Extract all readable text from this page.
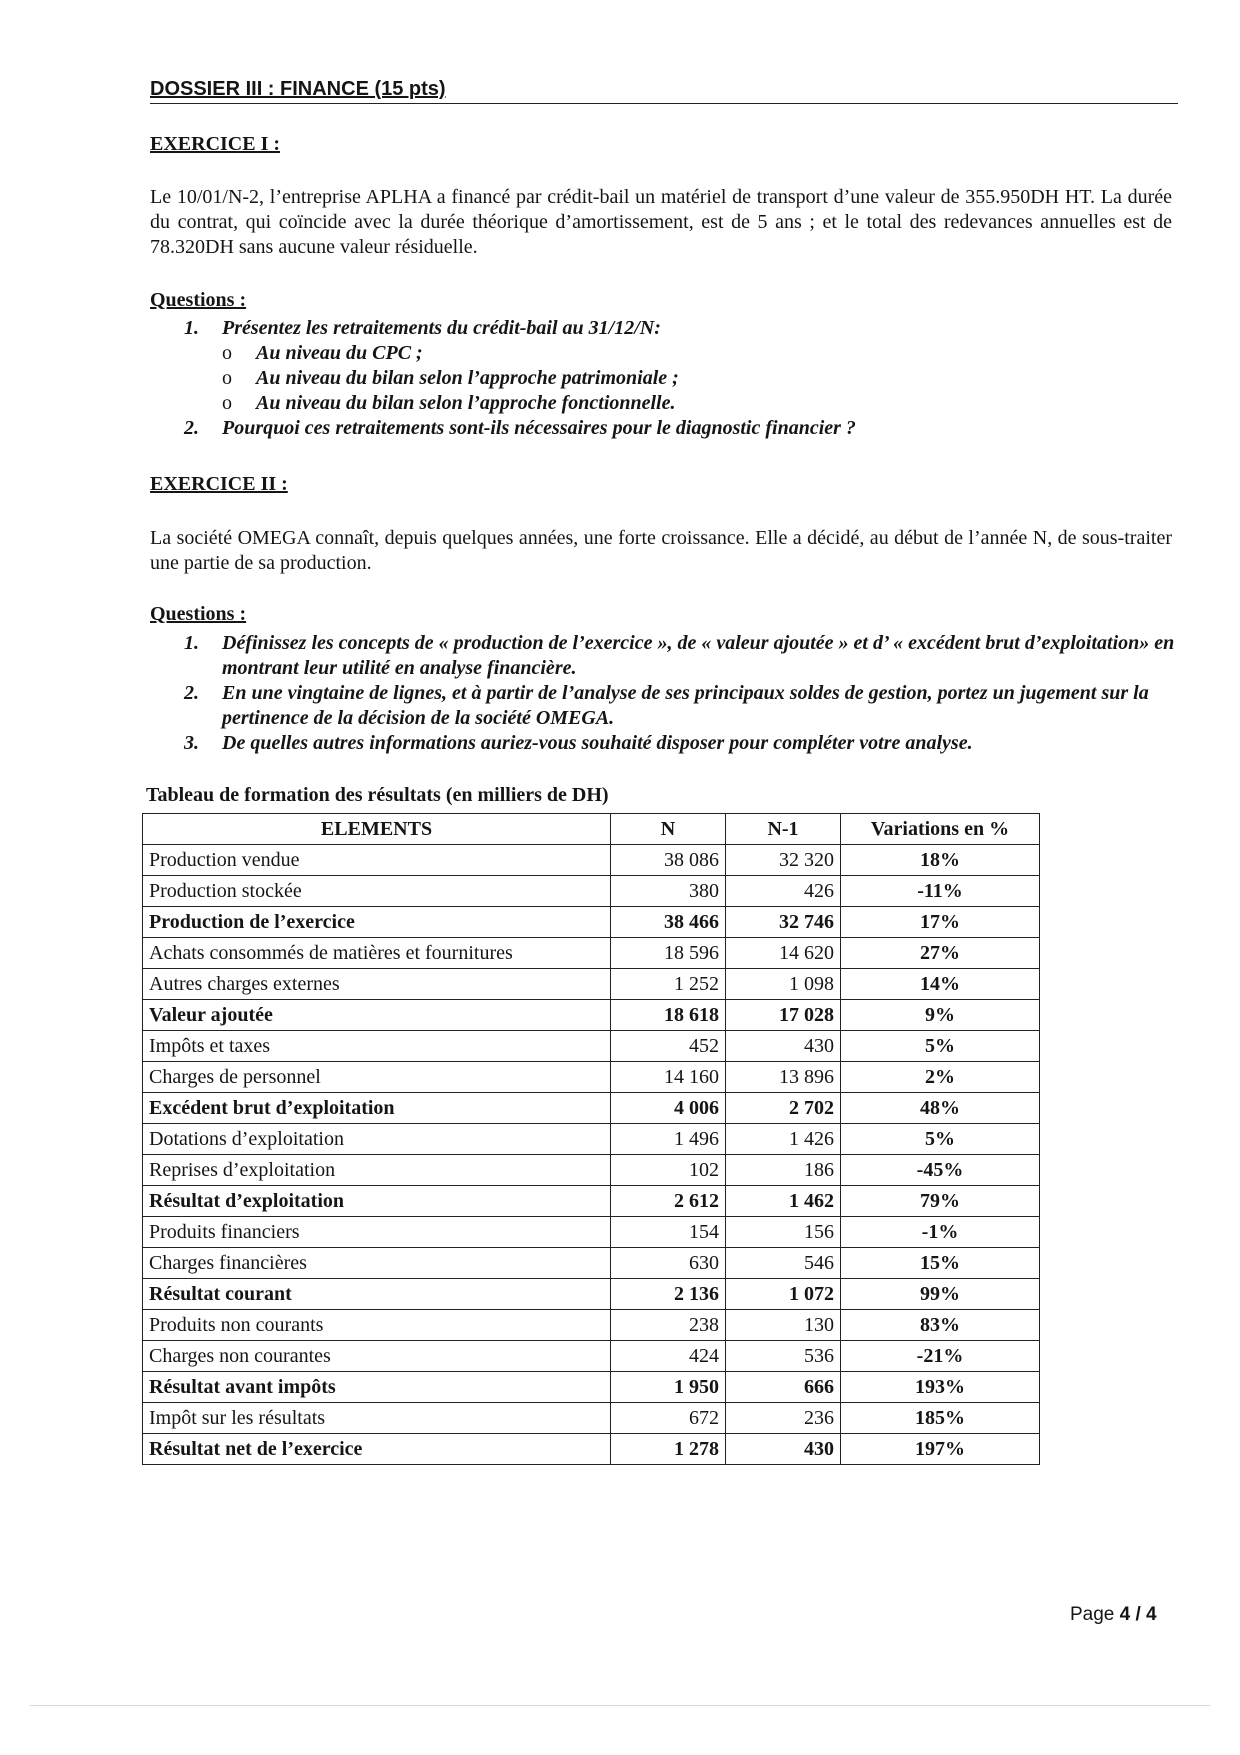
DOSSIER III : FINANCE (15 pts)
EXERCICE I :
Le 10/01/N-2, l’entreprise APLHA a financé par crédit-bail un matériel de transport d’une valeur de 355.950DH HT. La durée du contrat, qui coïncide avec la durée théorique d’amortissement, est de 5 ans ; et le total des redevances annuelles est de 78.320DH sans aucune valeur résiduelle.
Questions :
1. Présentez les retraitements du crédit-bail au 31/12/N:
o Au niveau du CPC ;
o Au niveau du bilan selon l’approche patrimoniale ;
o Au niveau du bilan selon l’approche fonctionnelle.
2. Pourquoi ces retraitements sont-ils nécessaires pour le diagnostic financier ?
EXERCICE II :
La société OMEGA connaît, depuis quelques années, une forte croissance. Elle a décidé, au début de l’année N, de sous-traiter une partie de sa production.
Questions :
1. Définissez les concepts de « production de l’exercice », de « valeur ajoutée » et d’ « excédent brut d’exploitation» en montrant leur utilité en analyse financière.
2. En une vingtaine de lignes, et à partir de l’analyse de ses principaux soldes de gestion, portez un jugement sur la pertinence de la décision de la société OMEGA.
3. De quelles autres informations auriez-vous souhaité disposer pour compléter votre analyse.
Tableau de formation des résultats (en milliers de DH)
ELEMENTS	N	N-1	Variations en %
Production vendue	38 086	32 320	18%
Production stockée	380	426	-11%
Production de l’exercice	38 466	32 746	17%
Achats consommés de matières et fournitures	18 596	14 620	27%
Autres charges externes	1 252	1 098	14%
Valeur ajoutée	18 618	17 028	9%
Impôts et taxes	452	430	5%
Charges de personnel	14 160	13 896	2%
Excédent brut d’exploitation	4 006	2 702	48%
Dotations d’exploitation	1 496	1 426	5%
Reprises d’exploitation	102	186	-45%
Résultat d’exploitation	2 612	1 462	79%
Produits financiers	154	156	-1%
Charges financières	630	546	15%
Résultat courant	2 136	1 072	99%
Produits non courants	238	130	83%
Charges non courantes	424	536	-21%
Résultat avant impôts	1 950	666	193%
Impôt sur les résultats	672	236	185%
Résultat net de l’exercice	1 278	430	197%
Page 4 / 4
